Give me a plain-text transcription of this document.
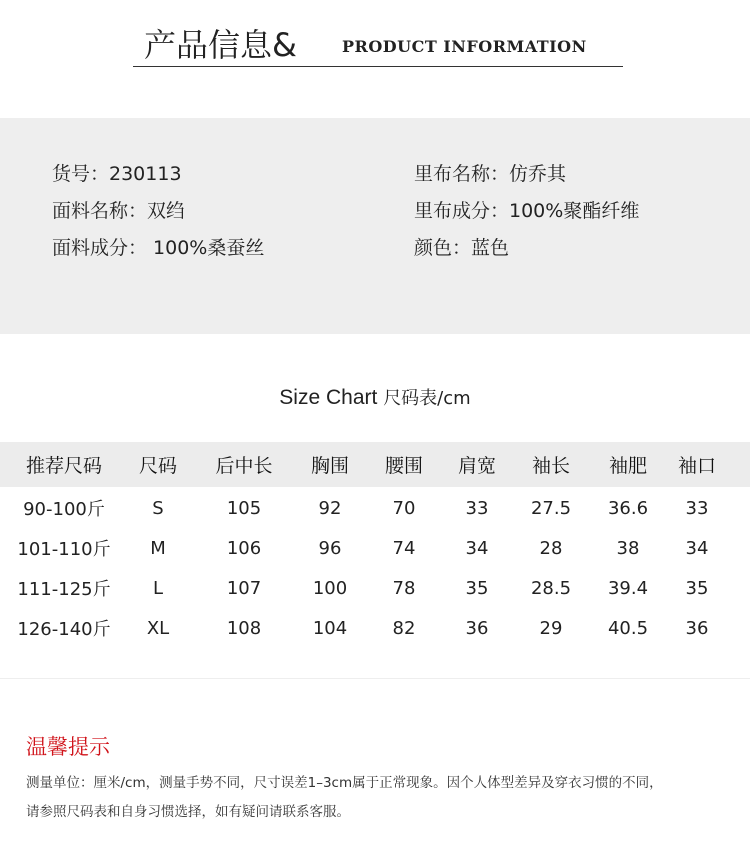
产品信息&	PRODUCT INFORMATION
货号：230113
面料名称：双绉
面料成分： 100%桑蚕丝
里布名称：仿乔其
里布成分：100%聚酯纤维
颜色：蓝色
Size Chart 尺码表/cm
推荐尺码	尺码	后中长	胸围	腰围	肩宽	袖长	袖肥	袖口
90-100斤	S	105	92	70	33	27.5	36.6	33
101-110斤	M	106	96	74	34	28	38	34
111-125斤	L	107	100	78	35	28.5	39.4	35
126-140斤	XL	108	104	82	36	29	40.5	36
温馨提示
测量单位：厘米/cm，测量手势不同，尺寸误差1–3cm属于正常现象。因个人体型差异及穿衣习惯的不同，
请参照尺码表和自身习惯选择，如有疑问请联系客服。
